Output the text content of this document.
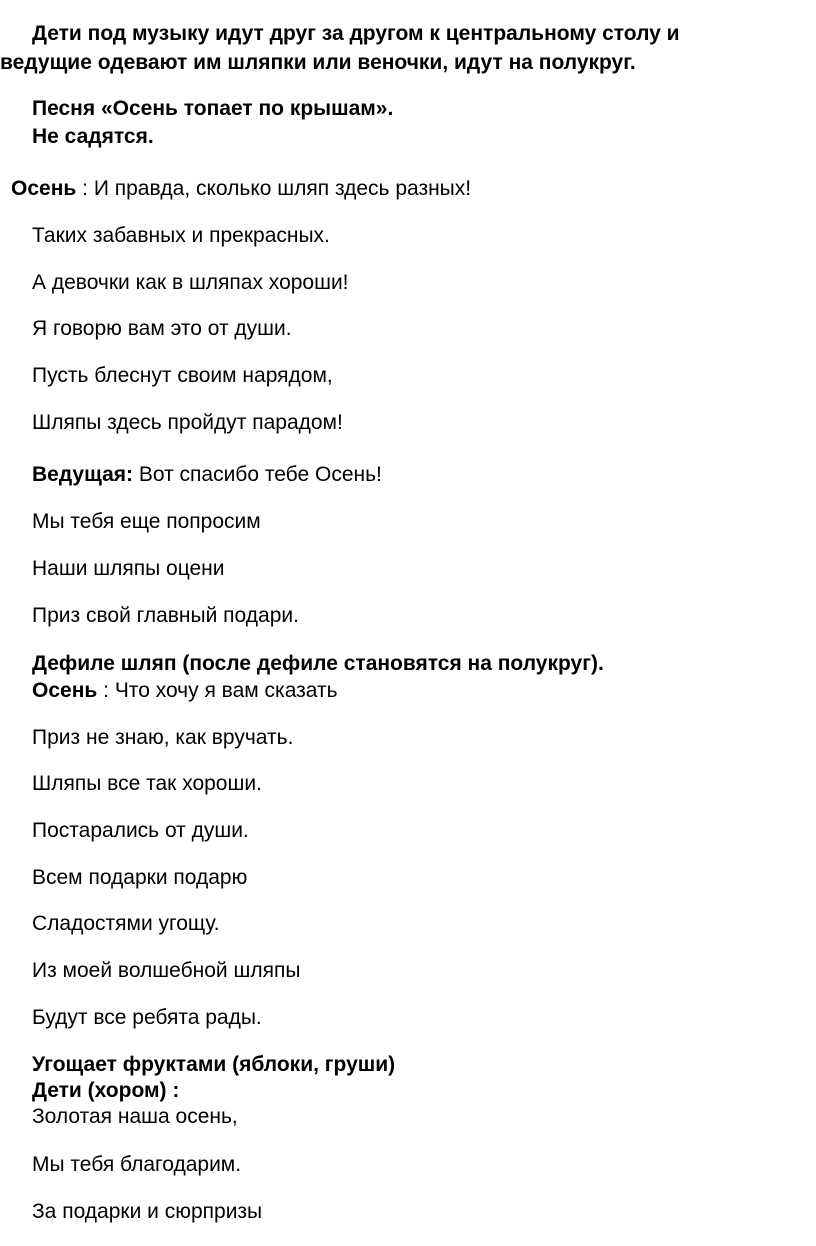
Дети под музыку идут друг за другом к центральному столу и
ведущие одевают им шляпки или веночки, идут на полукруг.
Песня «Осень топает по крышам».
Не садятся.
Осень : И правда, сколько шляп здесь разных!
Таких забавных и прекрасных.
А девочки как в шляпах хороши!
Я говорю вам это от души.
Пусть блеснут своим нарядом,
Шляпы здесь пройдут парадом!
Ведущая: Вот спасибо тебе Осень!
Мы тебя еще попросим
Наши шляпы оцени
Приз свой главный подари.
Дефиле шляп (после дефиле становятся на полукруг).
Осень : Что хочу я вам сказать
Приз не знаю, как вручать.
Шляпы все так хороши.
Постарались от души.
Всем подарки подарю
Сладостями угощу.
Из моей волшебной шляпы
Будут все ребята рады.
Угощает фруктами (яблоки, груши)
Дети (хором) :
Золотая наша осень,
Мы тебя благодарим.
За подарки и сюрпризы
